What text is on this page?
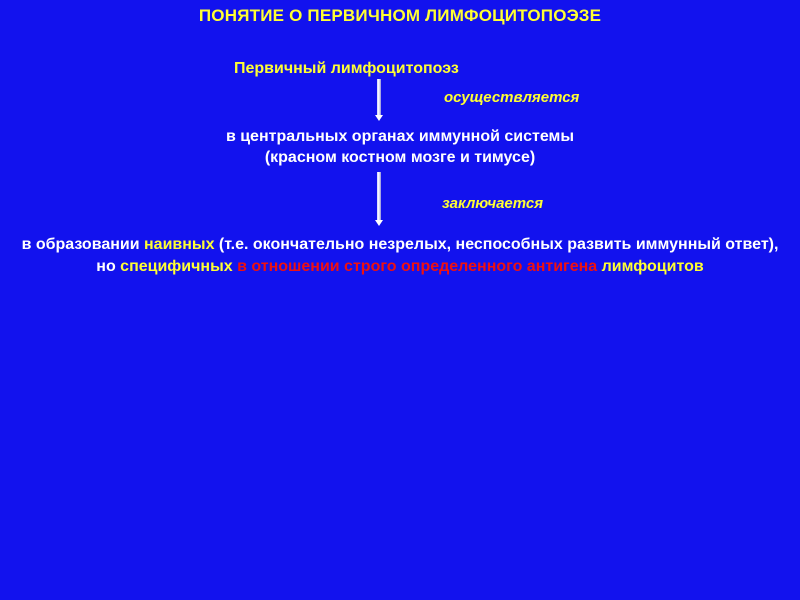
ПОНЯТИЕ О ПЕРВИЧНОМ ЛИМФОЦИТОПОЭЗЕ
Первичный лимфоцитопоэз
осуществляется
в центральных органах иммунной системы
(красном костном мозге и тимусе)
заключается
в образовании наивных (т.е. окончательно незрелых, неспособных развить иммунный ответ), но специфичных в отношении строго определенного антигена лимфоцитов
